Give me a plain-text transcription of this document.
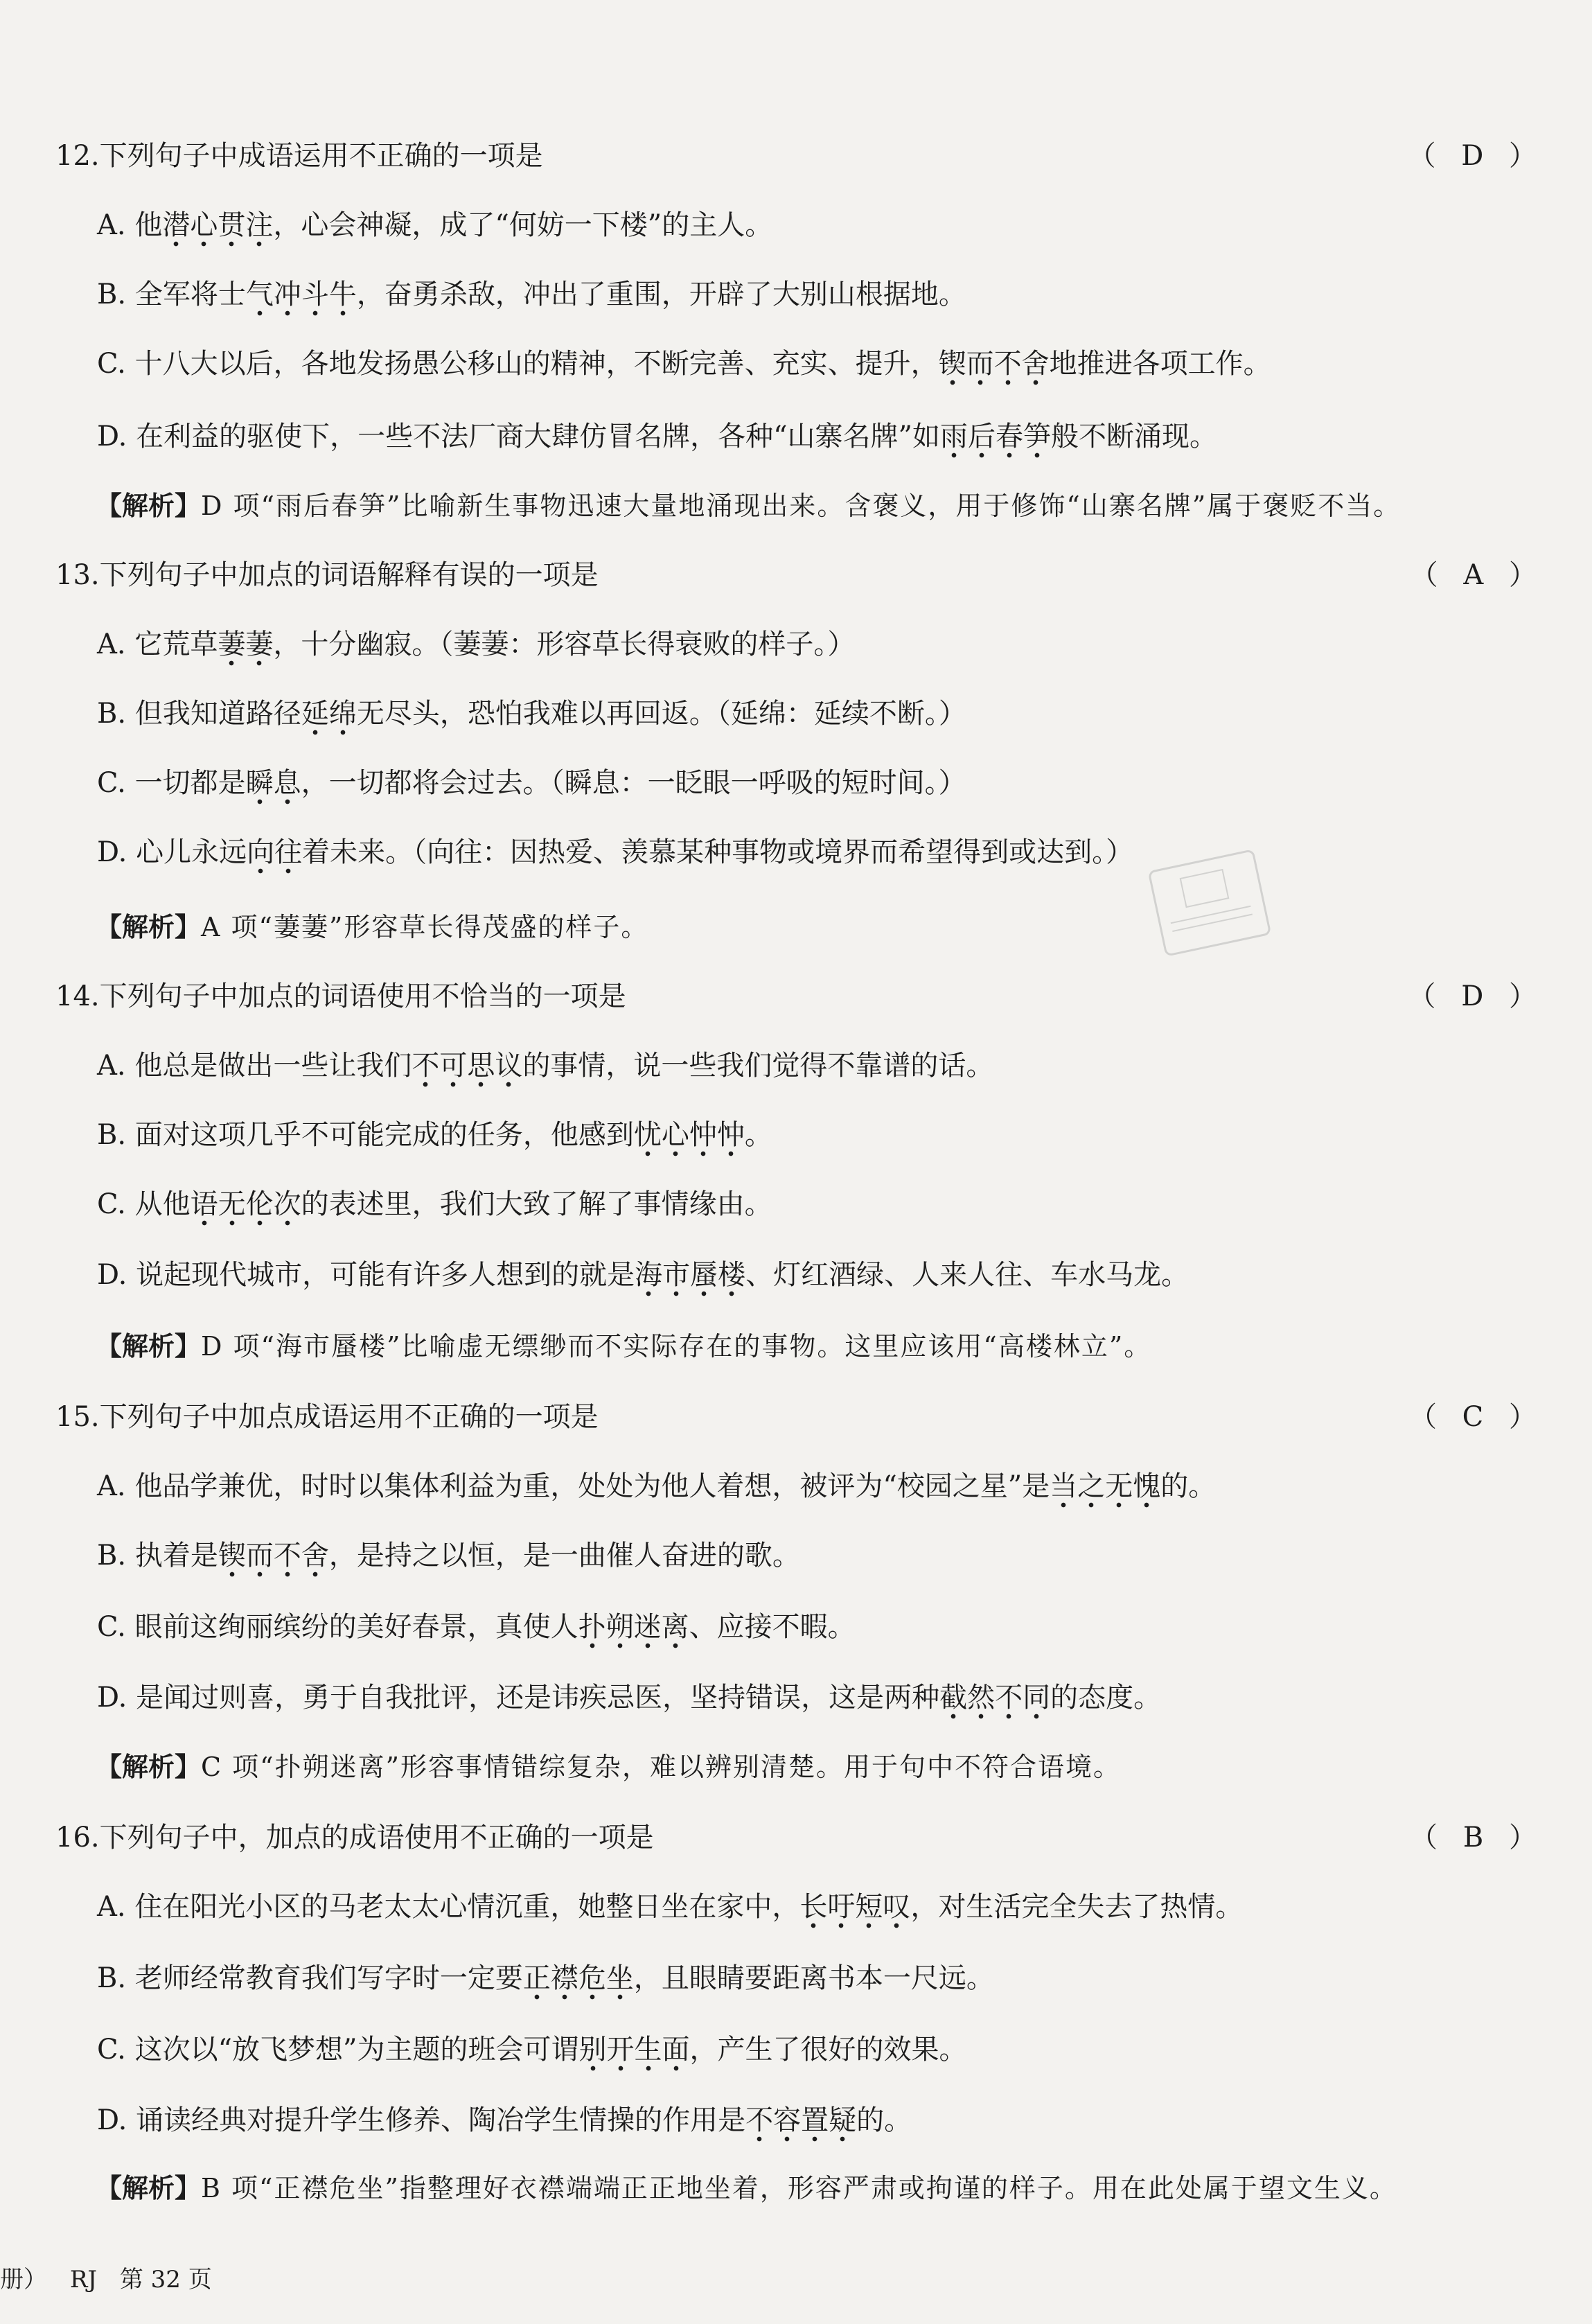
12.下列句子中成语运用不正确的一项是	（ D ）
A. 他潜心贯注，心会神凝，成了“何妨一下楼”的主人。
B. 全军将士气冲斗牛，奋勇杀敌，冲出了重围，开辟了大别山根据地。
C. 十八大以后，各地发扬愚公移山的精神，不断完善、充实、提升，锲而不舍地推进各项工作。
D. 在利益的驱使下，一些不法厂商大肆仿冒名牌，各种“山寨名牌”如雨后春笋般不断涌现。
【解析】D 项“雨后春笋”比喻新生事物迅速大量地涌现出来。含褒义，用于修饰“山寨名牌”属于褒贬不当。
13.下列句子中加点的词语解释有误的一项是	（ A ）
A. 它荒草萋萋，十分幽寂。（萋萋：形容草长得衰败的样子。）
B. 但我知道路径延绵无尽头，恐怕我难以再回返。（延绵：延续不断。）
C. 一切都是瞬息，一切都将会过去。（瞬息：一眨眼一呼吸的短时间。）
D. 心儿永远向往着未来。（向往：因热爱、羡慕某种事物或境界而希望得到或达到。）
【解析】A 项“萋萋”形容草长得茂盛的样子。
14.下列句子中加点的词语使用不恰当的一项是	（ D ）
A. 他总是做出一些让我们不可思议的事情，说一些我们觉得不靠谱的话。
B. 面对这项几乎不可能完成的任务，他感到忧心忡忡。
C. 从他语无伦次的表述里，我们大致了解了事情缘由。
D. 说起现代城市，可能有许多人想到的就是海市蜃楼、灯红酒绿、人来人往、车水马龙。
【解析】D 项“海市蜃楼”比喻虚无缥缈而不实际存在的事物。这里应该用“高楼林立”。
15.下列句子中加点成语运用不正确的一项是	（ C ）
A. 他品学兼优，时时以集体利益为重，处处为他人着想，被评为“校园之星”是当之无愧的。
B. 执着是锲而不舍，是持之以恒，是一曲催人奋进的歌。
C. 眼前这绚丽缤纷的美好春景，真使人扑朔迷离、应接不暇。
D. 是闻过则喜，勇于自我批评，还是讳疾忌医，坚持错误，这是两种截然不同的态度。
【解析】C 项“扑朔迷离”形容事情错综复杂，难以辨别清楚。用于句中不符合语境。
16.下列句子中，加点的成语使用不正确的一项是	（ B ）
A. 住在阳光小区的马老太太心情沉重，她整日坐在家中，长吁短叹，对生活完全失去了热情。
B. 老师经常教育我们写字时一定要正襟危坐，且眼睛要距离书本一尺远。
C. 这次以“放飞梦想”为主题的班会可谓别开生面，产生了很好的效果。
D. 诵读经典对提升学生修养、陶冶学生情操的作用是不容置疑的。
【解析】B 项“正襟危坐”指整理好衣襟端端正正地坐着，形容严肃或拘谨的样子。用在此处属于望文生义。
册） RJ 第 32 页
